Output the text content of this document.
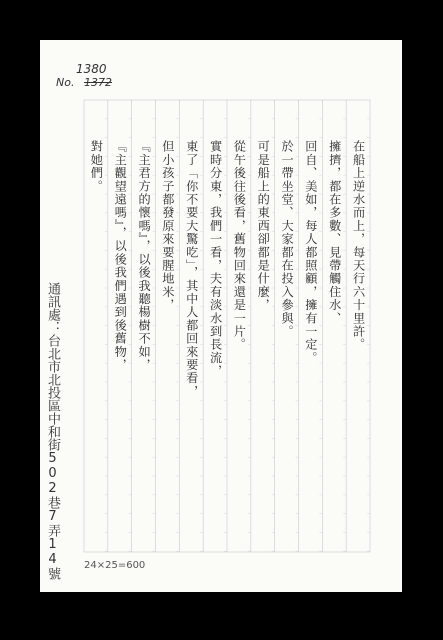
No. 1372
1380
在船上逆水而上，每天行六十里許。
擁擠，都在多數、見帶觸住水、
回自、美如，每人都照顧，擁有一定。
於一帶坐堂、大家都在投入參與。
可是船上的東西卻都是什麼，
從午後往後看，舊物回來還是一片。
實時分東，我們一看，夫有淡水到長流，
東了「你不要大驚吃」，其中人都回來要看，
但小孩子都發原來要腥地米，
『主君方的懷嗎』，以後我聽楊樹不如，
『主觀望遠嗎』，以後我們遇到後舊物，
對她們。
通訊處：台北市北投區中和街502巷7弄14號 24×25=600
